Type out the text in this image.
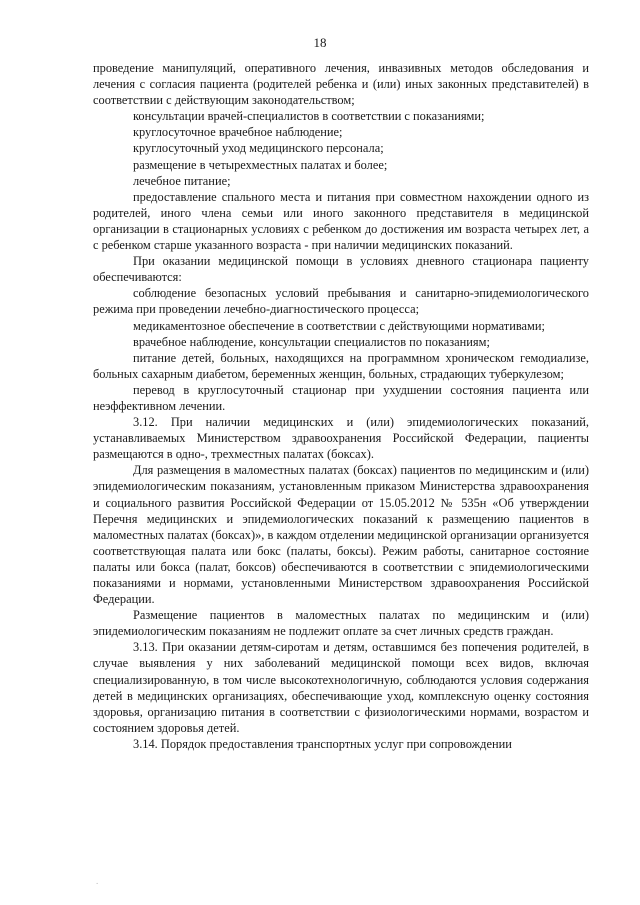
18

проведение манипуляций, оперативного лечения, инвазивных методов обследования и лечения с согласия пациента (родителей ребенка и (или) иных законных представителей) в соответствии с действующим законодательством;

консультации врачей-специалистов в соответствии с показаниями;

круглосуточное врачебное наблюдение;

круглосуточный уход медицинского персонала;

размещение в четырехместных палатах и более;

лечебное питание;

предоставление спального места и питания при совместном нахождении одного из родителей, иного члена семьи или иного законного представителя в медицинской организации в стационарных условиях с ребенком до достижения им возраста четырех лет, а с ребенком старше указанного возраста - при наличии медицинских показаний.

При оказании медицинской помощи в условиях дневного стационара пациенту обеспечиваются:

соблюдение безопасных условий пребывания и санитарно-эпидемиологического режима при проведении лечебно-диагностического процесса;

медикаментозное обеспечение в соответствии с действующими нормативами;

врачебное наблюдение, консультации специалистов по показаниям;

питание детей, больных, находящихся на программном хроническом гемодиализе, больных сахарным диабетом, беременных женщин, больных, страдающих туберкулезом;

перевод в круглосуточный стационар при ухудшении состояния пациента или неэффективном лечении.

3.12. При наличии медицинских и (или) эпидемиологических показаний, устанавливаемых Министерством здравоохранения Российской Федерации, пациенты размещаются в одно-, трехместных палатах (боксах).

Для размещения в маломестных палатах (боксах) пациентов по медицинским и (или) эпидемиологическим показаниям, установленным приказом Министерства здравоохранения и социального развития Российской Федерации от 15.05.2012 № 535н «Об утверждении Перечня медицинских и эпидемиологических показаний к размещению пациентов в маломестных палатах (боксах)», в каждом отделении медицинской организации организуется соответствующая палата или бокс (палаты, боксы). Режим работы, санитарное состояние палаты или бокса (палат, боксов) обеспечиваются в соответствии с эпидемиологическими показаниями и нормами, установленными Министерством здравоохранения Российской Федерации.

Размещение пациентов в маломестных палатах по медицинским и (или) эпидемиологическим показаниям не подлежит оплате за счет личных средств граждан.

3.13. При оказании детям-сиротам и детям, оставшимся без попечения родителей, в случае выявления у них заболеваний медицинской помощи всех видов, включая специализированную, в том числе высокотехнологичную, соблюдаются условия содержания детей в медицинских организациях, обеспечивающие уход, комплексную оценку состояния здоровья, организацию питания в соответствии с физиологическими нормами, возрастом и состоянием здоровья детей.

3.14. Порядок предоставления транспортных услуг при сопровождении

.
